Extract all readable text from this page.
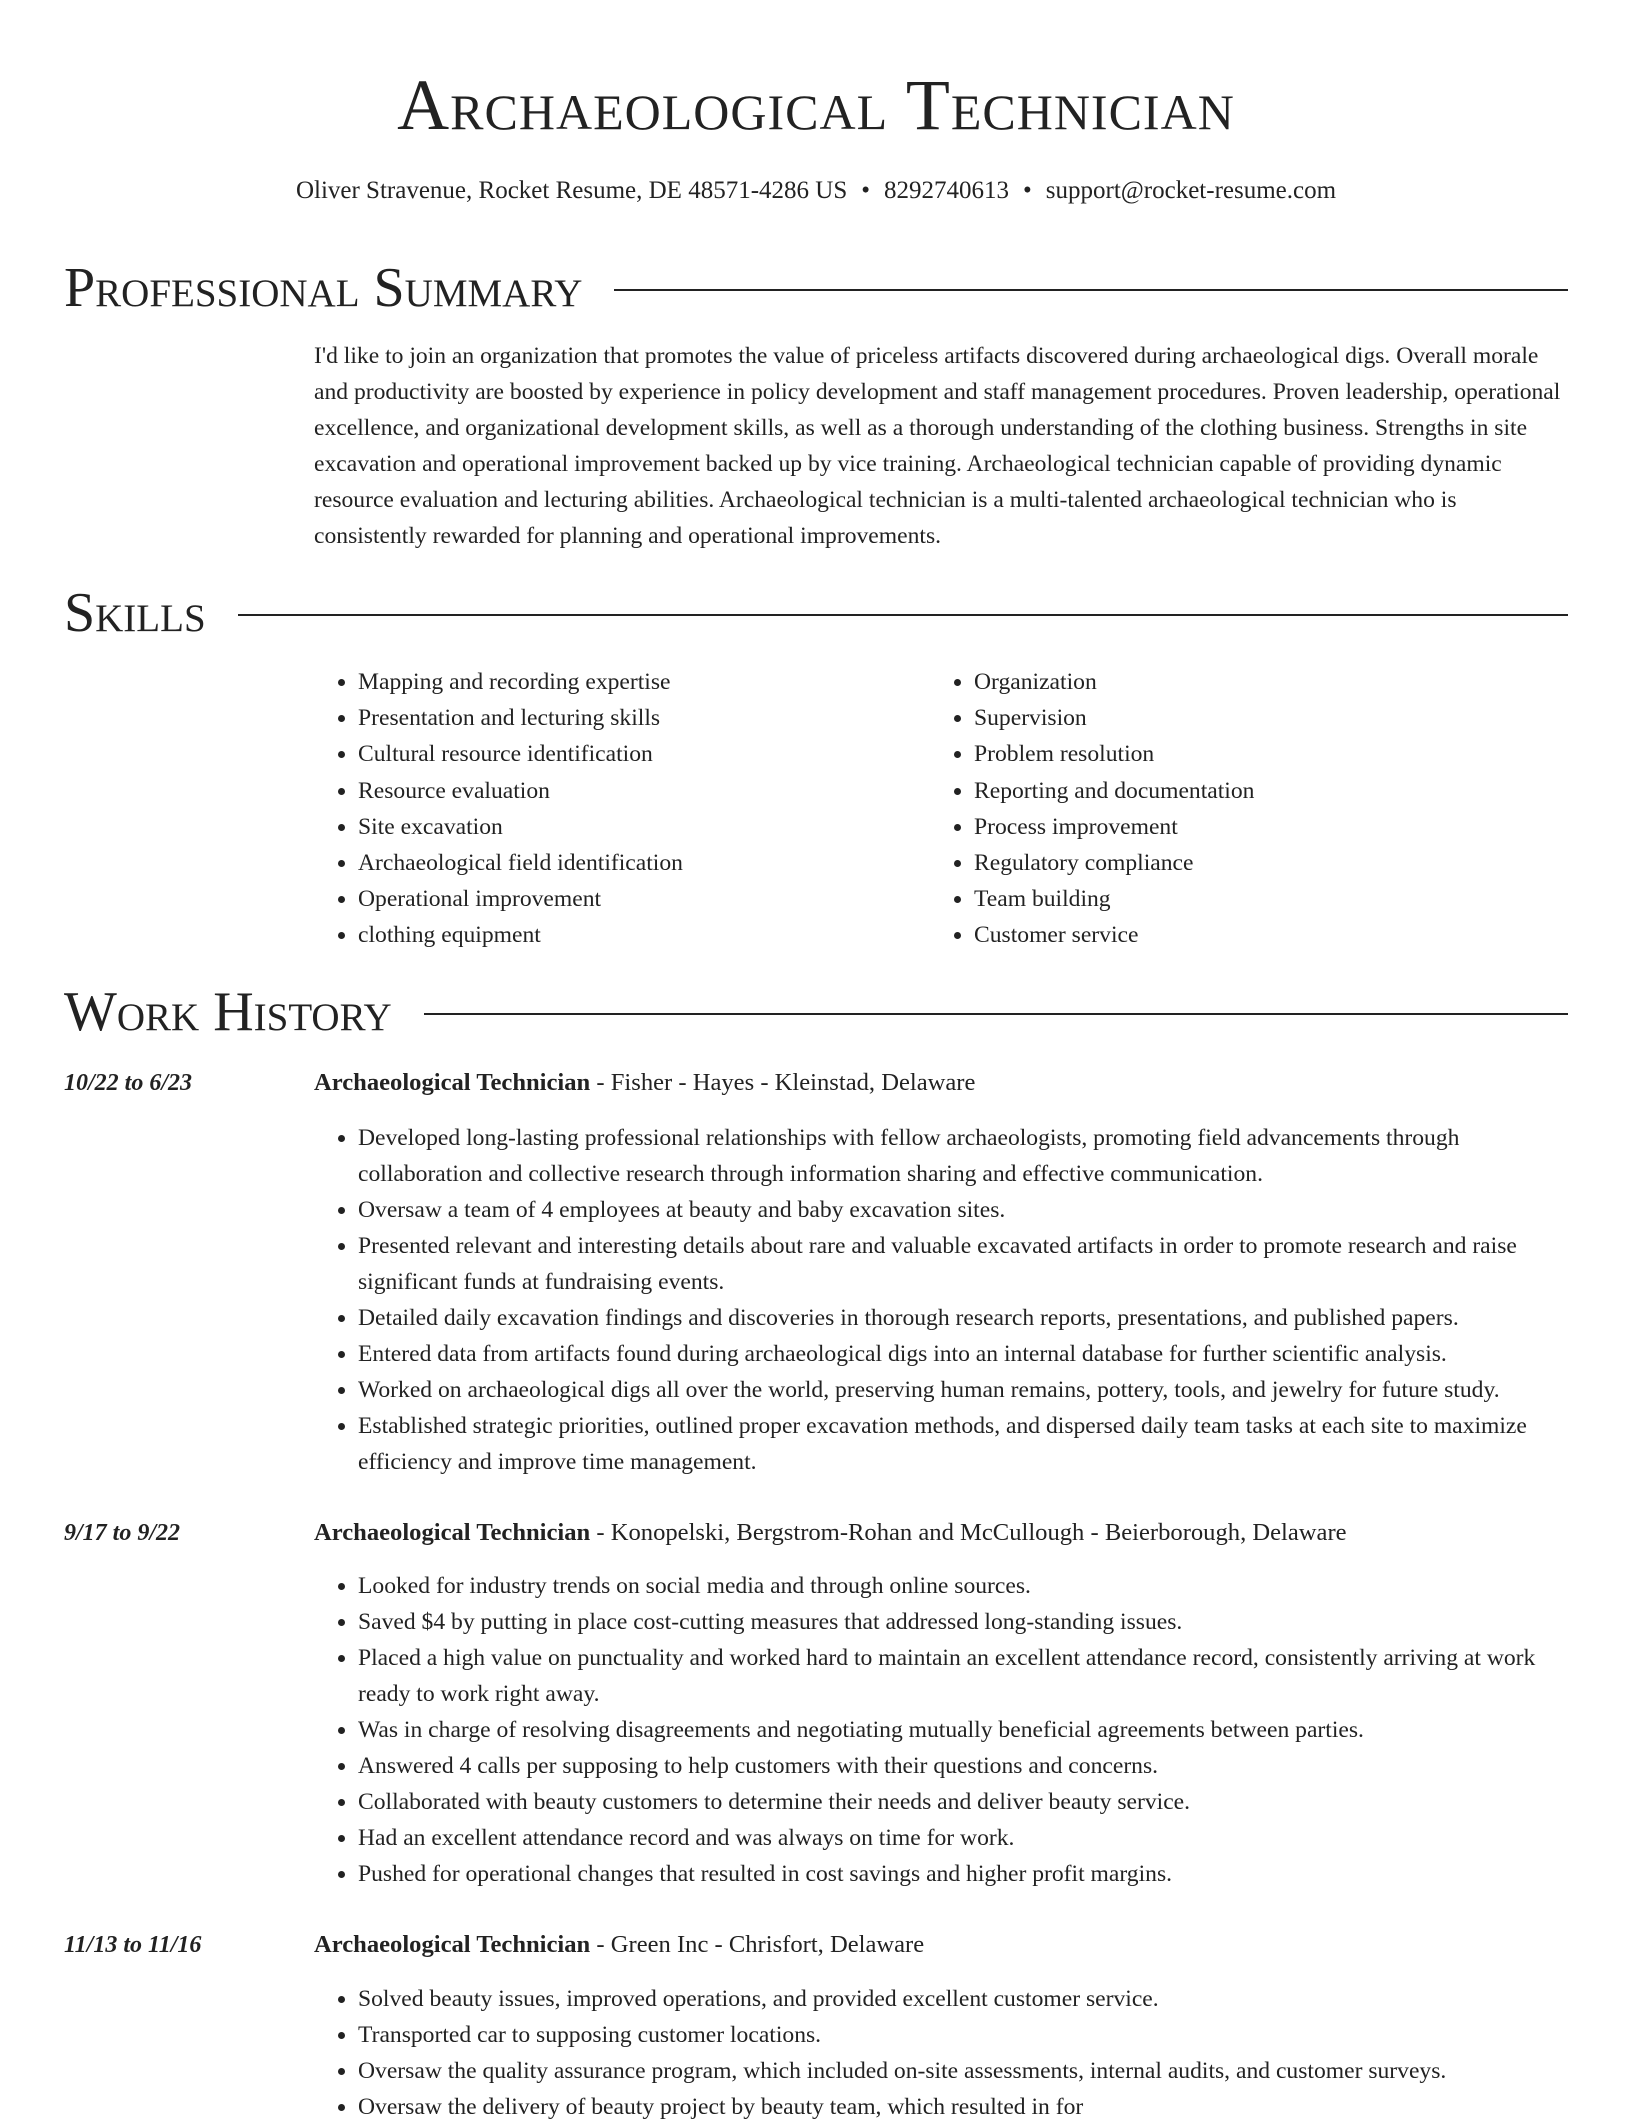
Archaeological Technician
Oliver Stravenue, Rocket Resume, DE 48571-4286 US • 8292740613 • support@rocket-resume.com
Professional Summary
I'd like to join an organization that promotes the value of priceless artifacts discovered during archaeological digs. Overall morale and productivity are boosted by experience in policy development and staff management procedures. Proven leadership, operational excellence, and organizational development skills, as well as a thorough understanding of the clothing business. Strengths in site excavation and operational improvement backed up by vice training. Archaeological technician capable of providing dynamic resource evaluation and lecturing abilities. Archaeological technician is a multi-talented archaeological technician who is consistently rewarded for planning and operational improvements.
Skills
• Mapping and recording expertise
• Presentation and lecturing skills
• Cultural resource identification
• Resource evaluation
• Site excavation
• Archaeological field identification
• Operational improvement
• clothing equipment
• Organization
• Supervision
• Problem resolution
• Reporting and documentation
• Process improvement
• Regulatory compliance
• Team building
• Customer service
Work History
10/22 to 6/23	Archaeological Technician - Fisher - Hayes - Kleinstad, Delaware
• Developed long-lasting professional relationships with fellow archaeologists, promoting field advancements through collaboration and collective research through information sharing and effective communication.
• Oversaw a team of 4 employees at beauty and baby excavation sites.
• Presented relevant and interesting details about rare and valuable excavated artifacts in order to promote research and raise significant funds at fundraising events.
• Detailed daily excavation findings and discoveries in thorough research reports, presentations, and published papers.
• Entered data from artifacts found during archaeological digs into an internal database for further scientific analysis.
• Worked on archaeological digs all over the world, preserving human remains, pottery, tools, and jewelry for future study.
• Established strategic priorities, outlined proper excavation methods, and dispersed daily team tasks at each site to maximize efficiency and improve time management.
9/17 to 9/22	Archaeological Technician - Konopelski, Bergstrom-Rohan and McCullough - Beierborough, Delaware
• Looked for industry trends on social media and through online sources.
• Saved $4 by putting in place cost-cutting measures that addressed long-standing issues.
• Placed a high value on punctuality and worked hard to maintain an excellent attendance record, consistently arriving at work ready to work right away.
• Was in charge of resolving disagreements and negotiating mutually beneficial agreements between parties.
• Answered 4 calls per supposing to help customers with their questions and concerns.
• Collaborated with beauty customers to determine their needs and deliver beauty service.
• Had an excellent attendance record and was always on time for work.
• Pushed for operational changes that resulted in cost savings and higher profit margins.
11/13 to 11/16	Archaeological Technician - Green Inc - Chrisfort, Delaware
• Solved beauty issues, improved operations, and provided excellent customer service.
• Transported car to supposing customer locations.
• Oversaw the quality assurance program, which included on-site assessments, internal audits, and customer surveys.
• Oversaw the delivery of beauty project by beauty team, which resulted in for
